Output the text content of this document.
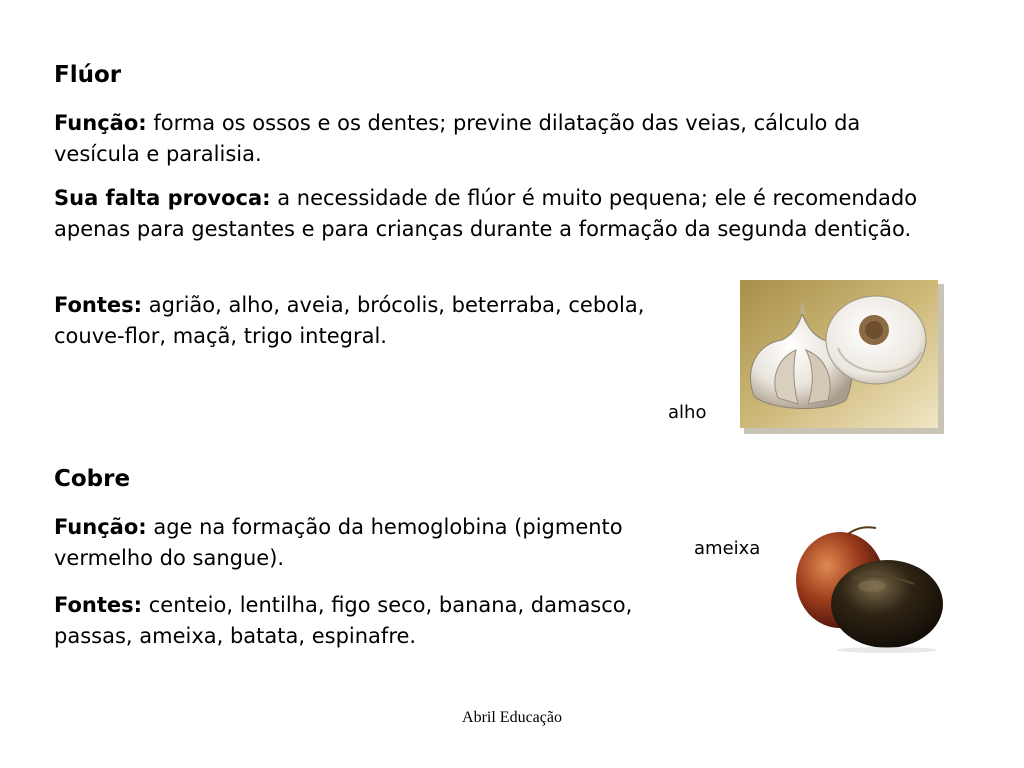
Flúor

Função: forma os ossos e os dentes; previne dilatação das veias, cálculo da vesícula e paralisia.

Sua falta provoca: a necessidade de flúor é muito pequena; ele é recomendado apenas para gestantes e para crianças durante a formação da segunda dentição.

Fontes: agrião, alho, aveia, brócolis, beterraba, cebola, couve-flor, maçã, trigo integral.

alho
Cobre

Função: age na formação da hemoglobina (pigmento vermelho do sangue).

Fontes: centeio, lentilha, figo seco, banana, damasco, passas, ameixa, batata, espinafre.

ameixa
Abril Educação
